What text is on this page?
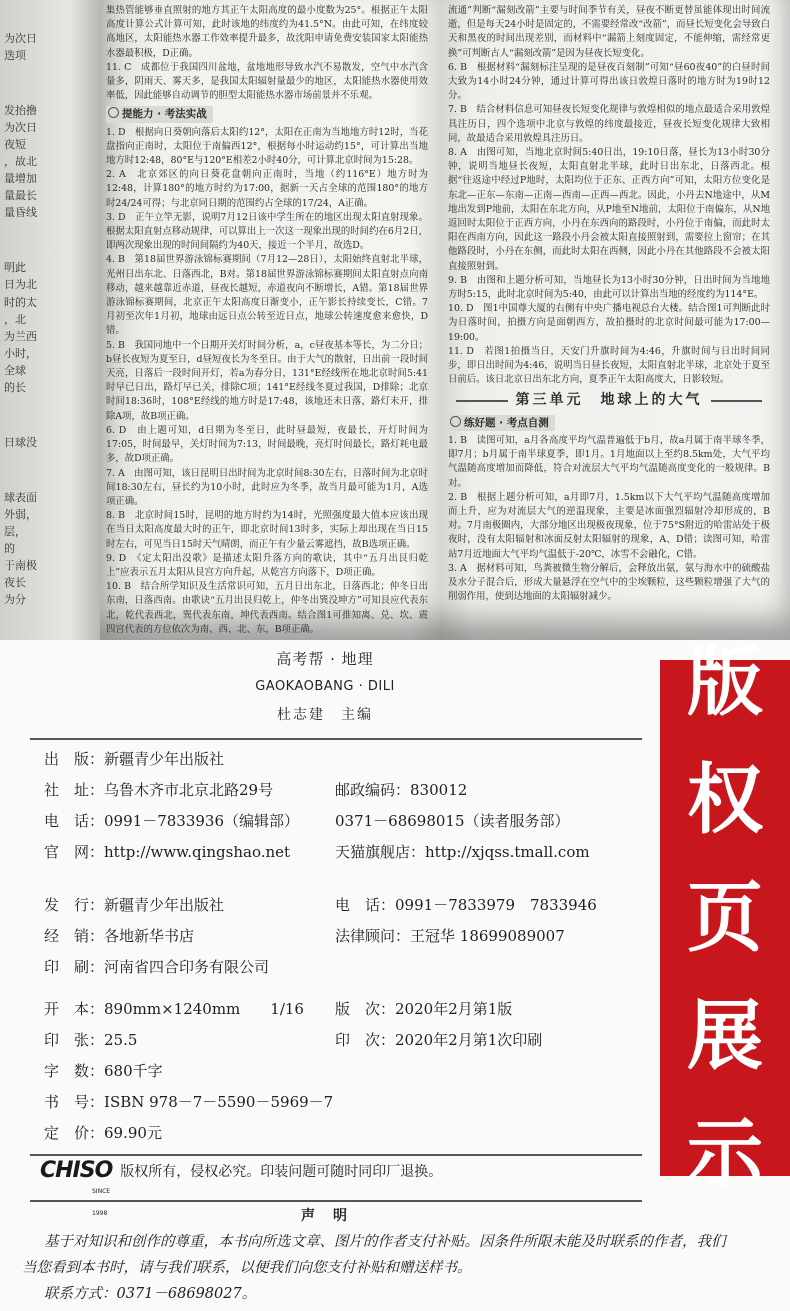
为次日
迭项
发抬撸
为次日
夜短
，故北
量增加
量最长
量昏线
明此
日为北
时的太
，北
为兰西
小时，
全球
的长
日球没
球表面
外弱，
层，
的
于南极
夜长
为分

集热管能够垂直照射的地方其正午太阳高度的最小度数为25°。根据正午太阳高度计算公式计算可知，此时该地的纬度约为41.5°N。由此可知，在纬度较高地区，太阳能热水器工作效率提升最多，故沈阳申请免费安装国家太阳能热水器最积极，D正确。

11. C　成都位于我国四川盆地，盆地地形导致水汽不易散发，空气中水汽含量多，阴雨天、雾天多，是我国太阳辐射量最少的地区，太阳能热水器使用效率低，因此能够自动调节的胆型太阳能热水器市场前景并不乐观。

提能力 · 考法实战

1. D　根据向日葵朝向落后太阳约12°，太阳在正南为当地地方时12时，当花盘指向正南时，太阳位于南偏西12°，根据每小时运动约15°，可计算出当地地方时12:48，80°E与120°E相差2小时40分，可计算北京时间为15:28。

2. A　北京郊区的向日葵花盘朝向正南时，当地（约116°E）地方时为12:48，计算180°的地方时约为17:00，据新一天占全球的范围180°的地方时24/24可得；与北京同日期的范围约占全球的17/24，A正确。

3. D　正午立竿无影，说明7月12日该中学生所在的地区出现太阳直射现象。根据太阳直射点移动规律，可以算出上一次这一现象出现的时间约在6月2日，即两次现象出现的时间间隔约为40天，接近一个半月，故选D。

4. B　第18届世界游泳锦标赛期间（7月12—28日），太阳始终直射北半球，光州日出东北、日落西北，B对。第18届世界游泳锦标赛期间太阳直射点向南移动，越来越靠近赤道，昼夜长越短，赤道夜向不断增长，A错。第18届世界游泳锦标赛期间，北京正午太阳高度日渐变小，正午影长持续变长，C错。7月初至次年1月初，地球由远日点公转至近日点，地球公转速度愈来愈快，D错。

5. B　我国同地中一个日期开关灯时间分析，a，c昼夜基本等长，为二分日；b昼长夜短为夏至日，d昼短夜长为冬至日。由于大气的散射，日出前一段时间天亮，日落后一段时间开灯，若a为春分日，131°E经线所在地北京时间5:41时早已日出，路灯早已关，排除C项；141°E经线冬夏过我国，D排除；北京时间18:36时，108°E经线的地方时是17:48，该地还未日落，路灯未开，排除A项，故B项正确。

6. D　由上题可知，d日期为冬至日，此时昼最短，夜最长，开灯时间为17:05，时间最早，关灯时间为7:13，时间最晚，亮灯时间最长，路灯耗电最多，故D项正确。

7. A　由图可知，该日昆明日出时间为北京时间8:30左右，日落时间为北京时间18:30左右，昼长约为10小时，此时应为冬季，故当月最可能为1月，A选项正确。

8. B　北京时间15时，昆明的地方时约为14时，光照强度最大值本应该出现在当日太阳高度最大时的正午，即北京时间13时多，实际上却出现在当日15时左右，可见当日15时天气晴朗，而正午有少量云雾遮挡，故B选项正确。

9. D　《定太阳出没歌》是描述太阳升落方向的歌诀，其中“五月出艮归乾上”应表示五月太阳从艮宫方向升起，从乾宫方向落下，D项正确。

10. B　结合所学知识及生活常识可知，五月日出东北，日落西北；仲冬日出东南，日落西南。由歌诀“五月出艮归乾上，仲冬出巽没坤方”可知艮应代表东北，乾代表西北，巽代表东南，坤代表西南。结合图1可推知离、兑、坎、震四宫代表的方位依次为南、西、北、东，B项正确。

流通”判断“漏刻改箭”主要与时间季节有关，昼夜不断更替虽能体现出时间流逝，但是每天24小时是固定的，不需要经常改“改箭”，而昼长短变化会导致白天和黑夜的时间出现差别，而材料中“漏箭上刻度固定，不能伸缩，需经常更换”可判断古人“漏刻改箭”是因为昼夜长短变化。

6. B　根据材料“漏刻标注呈现的是昼夜百刻制”可知“昼60夜40”的白昼时间大致为14小时24分钟，通过计算可得出该日敦煌日落时的地方时为19时12分。

7. B　结合材料信息可知昼夜长短变化规律与敦煌相似的地点最适合采用敦煌具注历日，四个选项中北京与敦煌的纬度最接近，昼夜长短变化规律大致相同，故最适合采用敦煌具注历日。

8. A　由图可知，当地北京时间5:40日出，19:10日落，昼长为13小时30分钟，说明当地昼长夜短，太阳直射北半球，此时日出东北，日落西北。根据“往返途中经过P地时，太阳均位于正东、正西方向”可知，太阳方位变化是东北—正东—东南—正南—西南—正西—西北。因此，小丹去N地途中，从M地出发到P地前，太阳在东北方向，从P地至N地前，太阳位于南偏东，从N地返回时太阳位于正西方向，小丹在东西向的路段时，小丹位于南偏，而此时太阳在西南方向，因此这一路段小丹会被太阳直接照射到，需要拉上窗帘；在其他路段时，小丹在东侧，而此时太阳在西侧，因此小丹在其他路段不会被太阳直接照射到。

9. B　由图和上题分析可知，当地昼长为13小时30分钟，日出时间为当地地方时5:15，此时北京时间为5:40，由此可以计算出当地的经度约为114°E。

10. D　图1中国尊大厦的右侧有中央广播电视总台大楼。结合图1可判断此时为日落时间，拍摄方向是面朝西方，故拍摄时的北京时间最可能为17:00—19:00。

11. D　若图1拍摄当日，天安门升旗时间为4:46，升旗时间与日出时间同步，即日出时间为4:46，说明当日昼长夜短，太阳直射北半球，北京处于夏至日前后。该日北京日出东北方向，夏季正午太阳高度大，日影较短。

第三单元　地球上的大气
练好题 · 考点自测

1. B　读图可知，a月各高度平均气温普遍低于b月，故a月属于南半球冬季，即7月；b月属于南半球夏季，即1月。1月地面以上至约8.5km处，大气平均气温随高度增加而降低，符合对流层大气平均气温随高度变化的一般规律。B对。

2. B　根据上题分析可知，a月即7月，1.5km以下大气平均气温随高度增加而上升，应为对流层大气的逆温现象，主要是冰面强烈辐射冷却形成的，B对。7月南极圈内，大部分地区出现极夜现象，位于75°S附近的哈雷站处于极夜时，没有太阳辐射和冰面反射太阳辐射的现象，A、D错；读图可知，哈雷站7月近地面大气平均气温低于-20℃，冰雪不会融化，C错。

3. A　据材料可知，鸟粪被微生物分解后，会释放出氨，氨与海水中的硫酸盐及水分子混合后，形成大量悬浮在空气中的尘埃颗粒，这些颗粒增强了大气的削弱作用，使到达地面的太阳辐射减少。

高考帮 · 地理
GAOKAOBANG · DILI
杜志建　主编
出　版：新疆青少年出版社
社　址：乌鲁木齐市北京北路29号
电　话：0991－7833936（编辑部）
官　网：http://www.qingshao.net
邮政编码：830012
0371－68698015（读者服务部）
天猫旗舰店：http://xjqss.tmall.com
发　行：新疆青少年出版社
经　销：各地新华书店
印　刷：河南省四合印务有限公司
电　话：0991－7833979　7833946
法律顾问：王冠华 18699089007
开　本：890mm×1240mm　　1/16
印　张：25.5
字　数：680千字
书　号：ISBN 978－7－5590－5969－7
定　价：69.90元
版　次：2020年2月第1版
印　次：2020年2月第1次印刷
版
权
页
展
示
CHISO
SINCE 1998
版权所有，侵权必究。印装问题可随时同印厂退换。
声　明
基于对知识和创作的尊重，本书向所选文章、图片的作者支付补贴。因条件所限未能及时联系的作者，我们
当您看到本书时，请与我们联系，以便我们向您支付补贴和赠送样书。
联系方式：0371－68698027。
